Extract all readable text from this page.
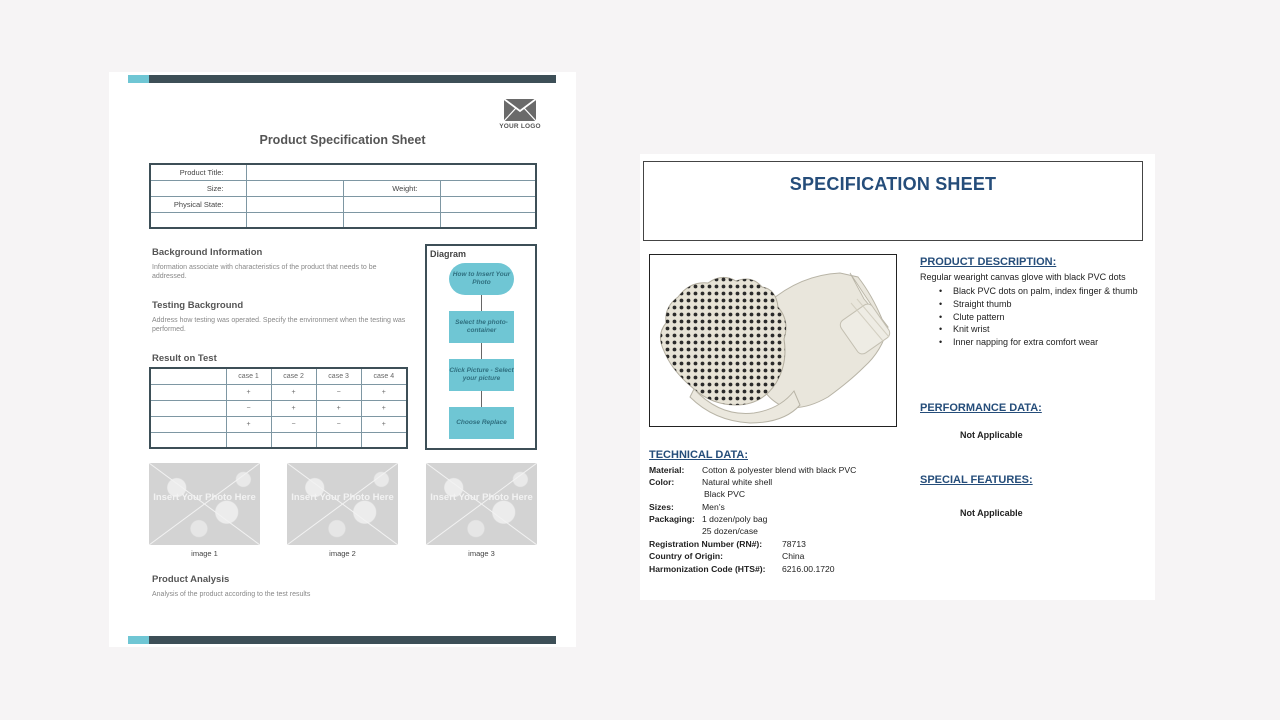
YOUR LOGO
Product Specification Sheet
Product Title:			
Size:		Weight:	
Physical State:			

Background Information
Information associate with characteristics of the product that needs to be addressed.
Testing Background
Address how testing was operated. Specify the environment when the testing was performed.
Result on Test
	case 1	case 2	case 3	case 4
	+	+	−	+
	−	+	+	+
	+	−	−	+

Diagram
How to Insert Your Photo
Select the photo-container
Click Picture - Select your picture
Choose Replace
Insert Your Photo Here
image 1
Insert Your Photo Here
image 2
Insert Your Photo Here
image 3
Product Analysis
Analysis of the product according to the test results
SPECIFICATION SHEET
PRODUCT DESCRIPTION:
Regular wearight canvas glove with black PVC dots
• Black PVC dots on palm, index finger & thumb
• Straight thumb
• Clute pattern
• Knit wrist
• Inner napping for extra comfort wear
PERFORMANCE DATA:
Not Applicable
SPECIAL FEATURES:
Not Applicable
TECHNICAL DATA:
Material: Cotton & polyester blend with black PVC
Color:	Natural white shell
Black PVC
Sizes:	Men’s
Packaging: 1 dozen/poly bag
25 dozen/case
Registration Number (RN#): 78713
Country of Origin:	China
Harmonization Code (HTS#): 6216.00.1720
